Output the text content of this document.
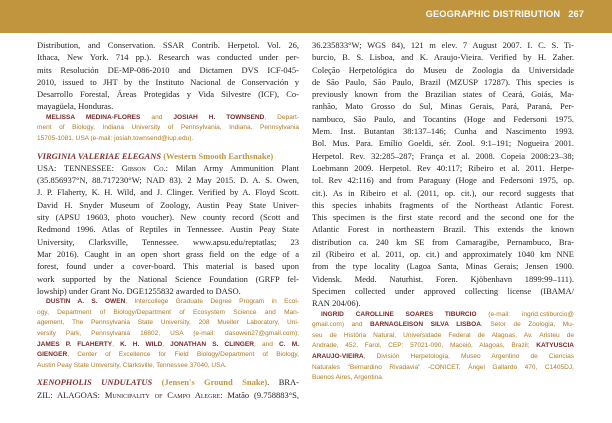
GEOGRAPHIC DISTRIBUTION 267
Distribution, and Conservation. SSAR Contrib. Herpetol. Vol. 26,
Ithaca, New York. 714 pp.). Research was conducted under per-
mits Resolución DE-MP-086-2010 and Dictamen DVS ICF-045-
2010, issued to JHT by the Instituto Nacional de Conservación y
Desarrollo Forestal, Áreas Protegidas y Vida Silvestre (ICF), Co-
mayagüela, Honduras.
MELISSA MEDINA-FLORES and JOSIAH H. TOWNSEND, Depart-
ment of Biology, Indiana University of Pennsylvania, Indiana, Pennsylvania
15705-1081, USA (e-mail: josiah.townsend@iup.edu).
VIRGINIA VALERIAE ELEGANS (Western Smooth Earthsnake)
USA: TENNESSEE: Gibson Co.: Milan Army Ammunition Plant
(35.856937°N, 88.717230°W; NAD 83). 2 May 2015. D. A. S. Owen,
J. P. Flaherty, K. H. Wild, and J. Clinger. Verified by A. Floyd Scott.
David H. Snyder Museum of Zoology, Austin Peay State Univer-
sity (APSU 19603, photo voucher). New county record (Scott and
Redmond 1996. Atlas of Reptiles in Tennessee. Austin Peay State
University, Clarksville, Tennessee. www.apsu.edu/reptatlas; 23
Mar 2016). Caught in an open short grass field on the edge of a
forest, found under a cover-board. This material is based upon
work supported by the National Science Foundation (GRFP fel-
lowship) under Grant No. DGE1255832 awarded to DASO.
DUSTIN A. S. OWEN, Intercollege Graduate Degree Program in Ecol-
ogy, Department of Biology/Department of Ecosystem Science and Man-
agement, The Pennsylvania State University, 208 Mueller Laboratory, Uni-
versity Park, Pennsylvania 16802, USA (e-mail: dasowen27@gmail.com);
JAMES P. FLAHERTY, K. H. WILD, JONATHAN S. CLINGER, and C. M.
GIENGER, Center of Excellence for Field Biology/Department of Biology,
Austin Peay State University, Clarksville, Tennessee 37040, USA.
XENOPHOLIS UNDULATUS (Jensen's Ground Snake). BRA-
ZIL: ALAGOAS: Municipality of Campo Alegre: Matão (9.758883°S,
36.235833°W; WGS 84), 121 m elev. 7 August 2007. I. C. S. Ti-
burcio, B. S. Lisboa, and K. Araujo-Vieira. Verified by H. Zaher.
Coleção Herpetológica do Museu de Zoologia da Universidade
de São Paulo, São Paulo, Brazil (MZUSP 17287). This species is
previously known from the Brazilian states of Ceará, Goiás, Ma-
ranhão, Mato Grosso do Sul, Minas Gerais, Pará, Paraná, Per-
nambuco, São Paulo, and Tocantins (Hoge and Federsoni 1975.
Mem. Inst. Butantan 38:137–146; Cunha and Nascimento 1993.
Bol. Mus. Para. Emílio Goeldi, sér. Zool. 9:1–191; Nogueira 2001.
Herpetol. Rev. 32:285–287; França et al. 2008. Copeia 2008:23–38;
Loebmann 2009. Herpetol. Rev 40:117; Ribeiro et al. 2011. Herpe-
tol. Rev 42:116) and from Paraguay (Hoge and Federsoni 1975, op.
cit.). As in Ribeiro et al. (2011, op. cit.), our record suggests that
this species inhabits fragments of the Northeast Atlantic Forest.
This specimen is the first state record and the second one for the
Atlantic Forest in northeastern Brazil. This extends the known
distribution ca. 240 km SE from Camaragibe, Pernambuco, Bra-
zil (Ribeiro et al. 2011, op. cit.) and approximately 1040 km NNE
from the type locality (Lagoa Santa, Minas Gerais; Jensen 1900.
Vidensk. Medd. Naturhist. Foren. Kjöbenhavn 1899:99–111).
Specimen collected under approved collecting license (IBAMA/
RAN 204/06).
INGRID CAROLLINE SOARES TIBURCIO (e-mail: ingrid.cstiburcio@
gmail.com) and BARNAGLEISON SILVA LISBOA, Setor de Zoologia, Mu-
seu de História Natural, Universidade Federal de Alagoas, Av. Aristeu de
Andrade, 452, Farol, CEP: 57021-090, Maceió, Alagoas, Brazil; KATYUSCIA
ARAUJO-VIEIRA, División Herpetología, Museo Argentino de Ciencias
Naturales "Bernardino Rivadavia" -CONICET, Ángel Gallardo 470, C1405DJ,
Buenos Aires, Argentina.
